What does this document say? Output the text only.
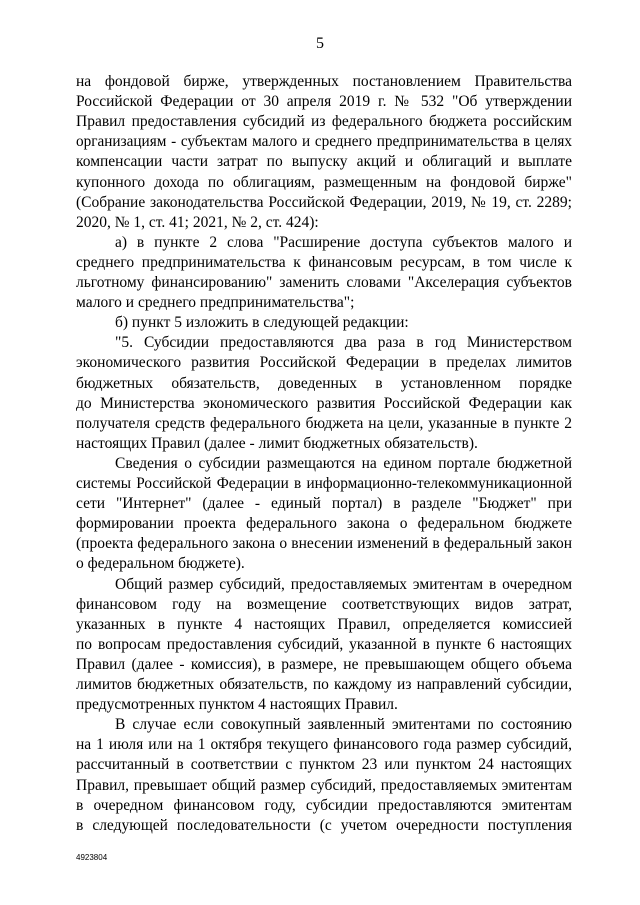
5
на фондовой бирже, утвержденных постановлением Правительства
Российской Федерации от 30 апреля 2019 г. № 532 "Об утверждении
Правил предоставления субсидий из федерального бюджета российским
организациям - субъектам малого и среднего предпринимательства в целях
компенсации части затрат по выпуску акций и облигаций и выплате
купонного дохода по облигациям, размещенным на фондовой бирже"
(Собрание законодательства Российской Федерации, 2019, № 19, ст. 2289;
2020, № 1, ст. 41; 2021, № 2, ст. 424):
а) в пункте 2 слова "Расширение доступа субъектов малого и
среднего предпринимательства к финансовым ресурсам, в том числе к
льготному финансированию" заменить словами "Акселерация субъектов
малого и среднего предпринимательства";
б) пункт 5 изложить в следующей редакции:
"5. Субсидии предоставляются два раза в год Министерством
экономического развития Российской Федерации в пределах лимитов
бюджетных обязательств, доведенных в установленном порядке
до Министерства экономического развития Российской Федерации как
получателя средств федерального бюджета на цели, указанные в пункте 2
настоящих Правил (далее - лимит бюджетных обязательств).
Сведения о субсидии размещаются на едином портале бюджетной
системы Российской Федерации в информационно-телекоммуникационной
сети "Интернет" (далее - единый портал) в разделе "Бюджет" при
формировании проекта федерального закона о федеральном бюджете
(проекта федерального закона о внесении изменений в федеральный закон
о федеральном бюджете).
Общий размер субсидий, предоставляемых эмитентам в очередном
финансовом году на возмещение соответствующих видов затрат,
указанных в пункте 4 настоящих Правил, определяется комиссией
по вопросам предоставления субсидий, указанной в пункте 6 настоящих
Правил (далее - комиссия), в размере, не превышающем общего объема
лимитов бюджетных обязательств, по каждому из направлений субсидии,
предусмотренных пунктом 4 настоящих Правил.
В случае если совокупный заявленный эмитентами по состоянию
на 1 июля или на 1 октября текущего финансового года размер субсидий,
рассчитанный в соответствии с пунктом 23 или пунктом 24 настоящих
Правил, превышает общий размер субсидий, предоставляемых эмитентам
в очередном финансовом году, субсидии предоставляются эмитентам
в следующей последовательности (с учетом очередности поступления
4923804
